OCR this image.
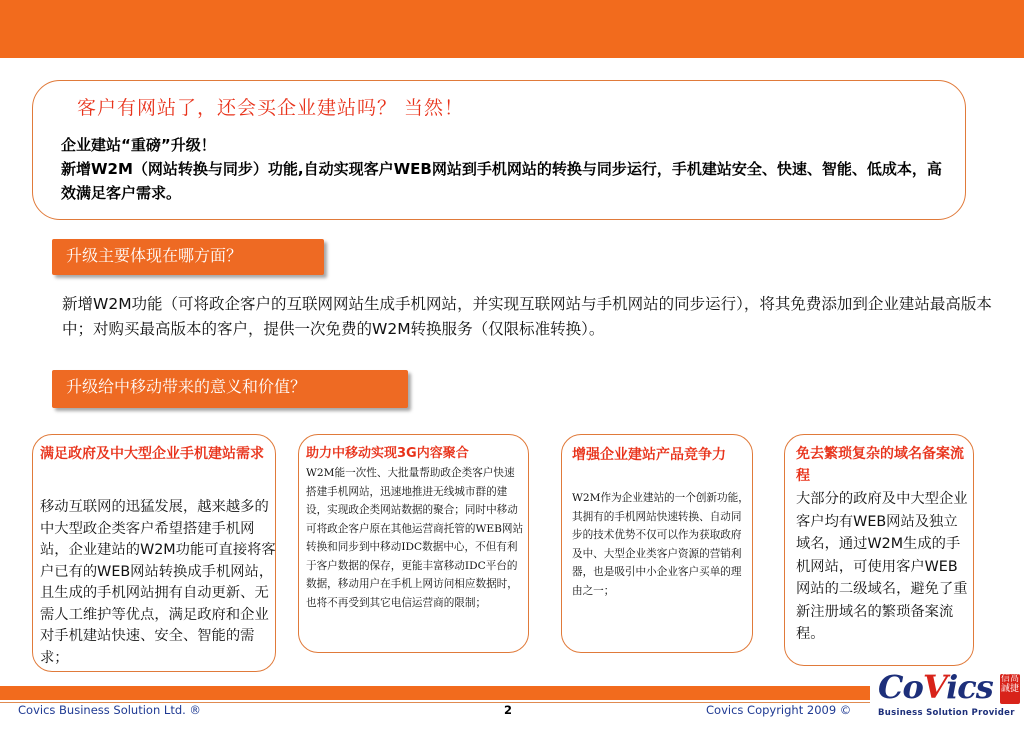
客户有网站了，还会买企业建站吗？ 当然！
企业建站“重磅”升级！
新增W2M（网站转换与同步）功能,自动实现客户WEB网站到手机网站的转换与同步运行，手机建站安全、快速、智能、低成本，高效满足客户需求。
升级主要体现在哪方面？
新增W2M功能（可将政企客户的互联网网站生成手机网站，并实现互联网站与手机网站的同步运行），将其免费添加到企业建站最高版本中；对购买最高版本的客户，提供一次免费的W2M转换服务（仅限标准转换）。
升级给中移动带来的意义和价值？
满足政府及中大型企业手机建站需求
移动互联网的迅猛发展，越来越多的中大型政企类客户希望搭建手机网站，企业建站的W2M功能可直接将客户已有的WEB网站转换成手机网站，且生成的手机网站拥有自动更新、无需人工维护等优点，满足政府和企业对手机建站快速、安全、智能的需求；
助力中移动实现3G内容聚合
W2M能一次性、大批量帮助政企类客户快速搭建手机网站，迅速地推进无线城市群的建设，实现政企类网站数据的聚合；同时中移动可将政企客户原在其他运营商托管的WEB网站转换和同步到中移动IDC数据中心，不但有利于客户数据的保存，更能丰富移动IDC平台的数据，移动用户在手机上网访问相应数据时，也将不再受到其它电信运营商的限制；
增强企业建站产品竞争力
W2M作为企业建站的一个创新功能，其拥有的手机网站快速转换、自动同步的技术优势不仅可以作为获取政府及中、大型企业类客户资源的营销利器，也是吸引中小企业客户买单的理由之一；
免去繁琐复杂的域名备案流程
大部分的政府及中大型企业客户均有WEB网站及独立域名，通过W2M生成的手机网站，可使用客户WEB网站的二级域名，避免了重新注册域名的繁琐备案流程。
Covics Business Solution Ltd. ®	2	Covics Copyright 2009 ©
CoVics 信高誠捷
Business Solution Provider
